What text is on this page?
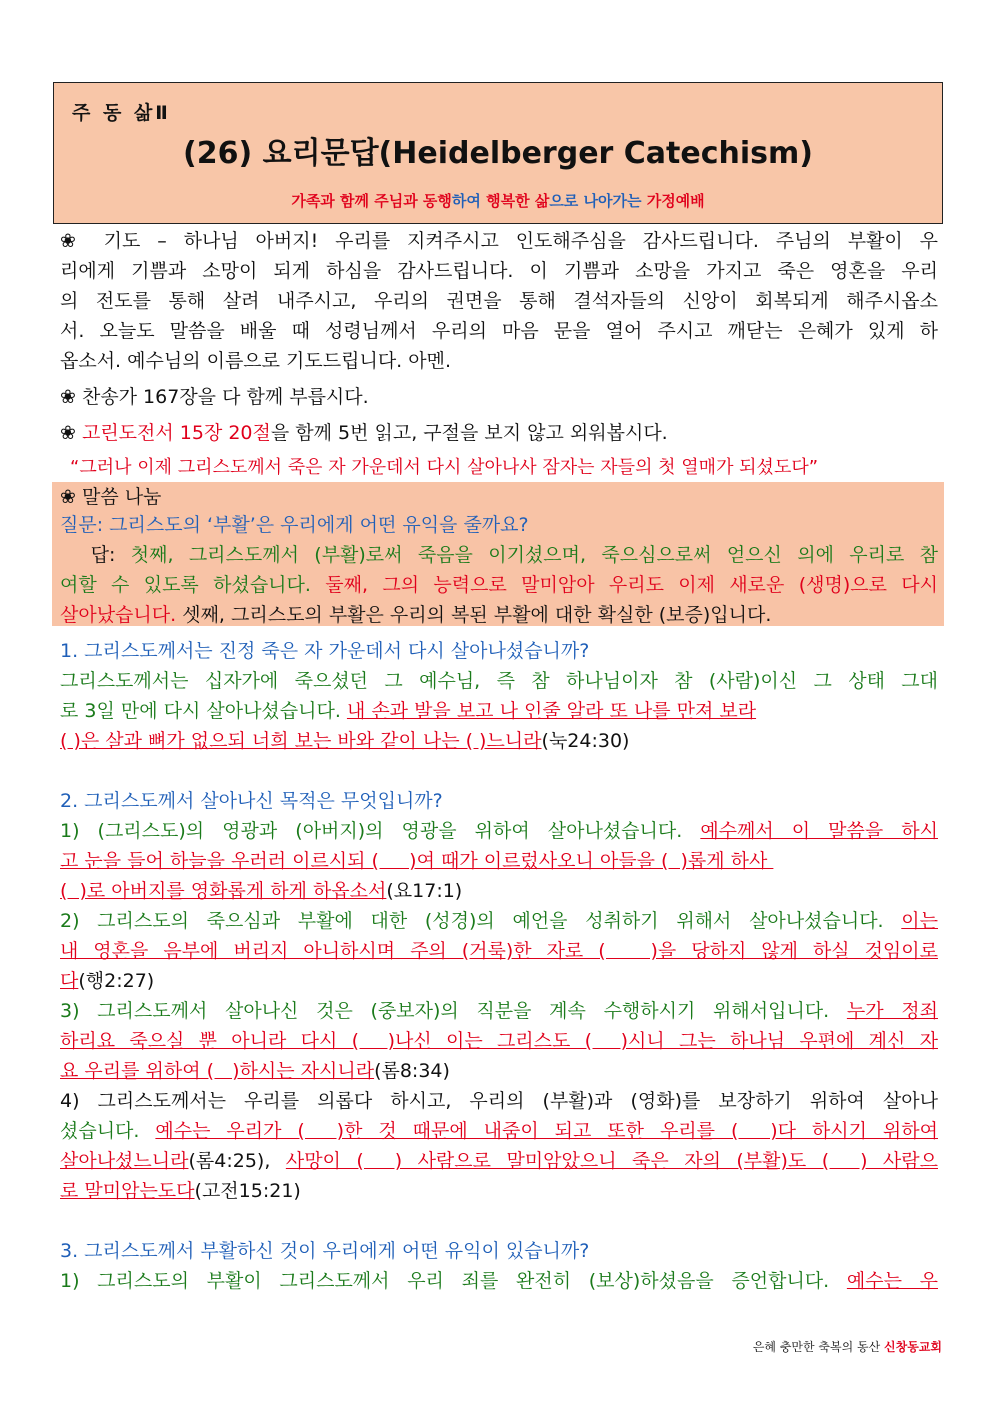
주 동 삶Ⅱ
(26) 요리문답(Heidelberger Catechism)
가족과 함께 주님과 동행하여 행복한 삶으로 나아가는 가정예배
❀ 기도 – 하나님 아버지! 우리를 지켜주시고 인도해주심을 감사드립니다. 주님의 부활이 우
리에게 기쁨과 소망이 되게 하심을 감사드립니다. 이 기쁨과 소망을 가지고 죽은 영혼을 우리
의 전도를 통해 살려 내주시고, 우리의 권면을 통해 결석자들의 신앙이 회복되게 해주시옵소
서. 오늘도 말씀을 배울 때 성령님께서 우리의 마음 문을 열어 주시고 깨닫는 은혜가 있게 하
옵소서. 예수님의 이름으로 기도드립니다. 아멘.
❀ 찬송가 167장을 다 함께 부릅시다.
❀ 고린도전서 15장 20절을 함께 5번 읽고, 구절을 보지 않고 외워봅시다.
“그러나 이제 그리스도께서 죽은 자 가운데서 다시 살아나사 잠자는 자들의 첫 열매가 되셨도다”
❀ 말씀 나눔
질문: 그리스도의 ‘부활’은 우리에게 어떤 유익을 줄까요?
답: 첫째, 그리스도께서 (부활)로써 죽음을 이기셨으며, 죽으심으로써 얻으신 의에 우리로 참
여할 수 있도록 하셨습니다. 둘째, 그의 능력으로 말미암아 우리도 이제 새로운 (생명)으로 다시
살아났습니다. 셋째, 그리스도의 부활은 우리의 복된 부활에 대한 확실한 (보증)입니다.
1. 그리스도께서는 진정 죽은 자 가운데서 다시 살아나셨습니까?
그리스도께서는 십자가에 죽으셨던 그 예수님, 즉 참 하나님이자 참 (사람)이신 그 상태 그대
로 3일 만에 다시 살아나셨습니다. 내 손과 발을 보고 나 인줄 알라 또 나를 만져 보라
( )은 살과 뼈가 없으되 너희 보는 바와 같이 나는 ( )느니라(눅24:30)
2. 그리스도께서 살아나신 목적은 무엇입니까?
1) (그리스도)의 영광과 (아버지)의 영광을 위하여 살아나셨습니다. 예수께서 이 말씀을 하시
고 눈을 들어 하늘을 우러러 이르시되 (     )여 때가 이르렀사오니 아들을 (  )롭게 하사
(  )로 아버지를 영화롭게 하게 하옵소서(요17:1)
2) 그리스도의 죽으심과 부활에 대한 (성경)의 예언을 성취하기 위해서 살아나셨습니다. 이는
내 영혼을 음부에 버리지 아니하시며 주의 (거룩)한 자로 (   )을 당하지 않게 하실 것임이로
다(행2:27)
3) 그리스도께서 살아나신 것은 (중보자)의 직분을 계속 수행하시기 위해서입니다. 누가 정죄
하리요 죽으실 뿐 아니라 다시 (  )나신 이는 그리스도 (  )시니 그는 하나님 우편에 계신 자
요 우리를 위하여 (   )하시는 자시니라(롬8:34)
4) 그리스도께서는 우리를 의롭다 하시고, 우리의 (부활)과 (영화)를 보장하기 위하여 살아나
셨습니다. 예수는 우리가 (  )한 것 때문에 내줌이 되고 또한 우리를 (  )다 하시기 위하여
살아나셨느니라(롬4:25), 사망이 (  ) 사람으로 말미암았으니 죽은 자의 (부활)도 (  ) 사람으
로 말미암는도다(고전15:21)
3. 그리스도께서 부활하신 것이 우리에게 어떤 유익이 있습니까?
1) 그리스도의 부활이 그리스도께서 우리 죄를 완전히 (보상)하셨음을 증언합니다. 예수는 우
은혜 충만한 축복의 동산 신창동교회
